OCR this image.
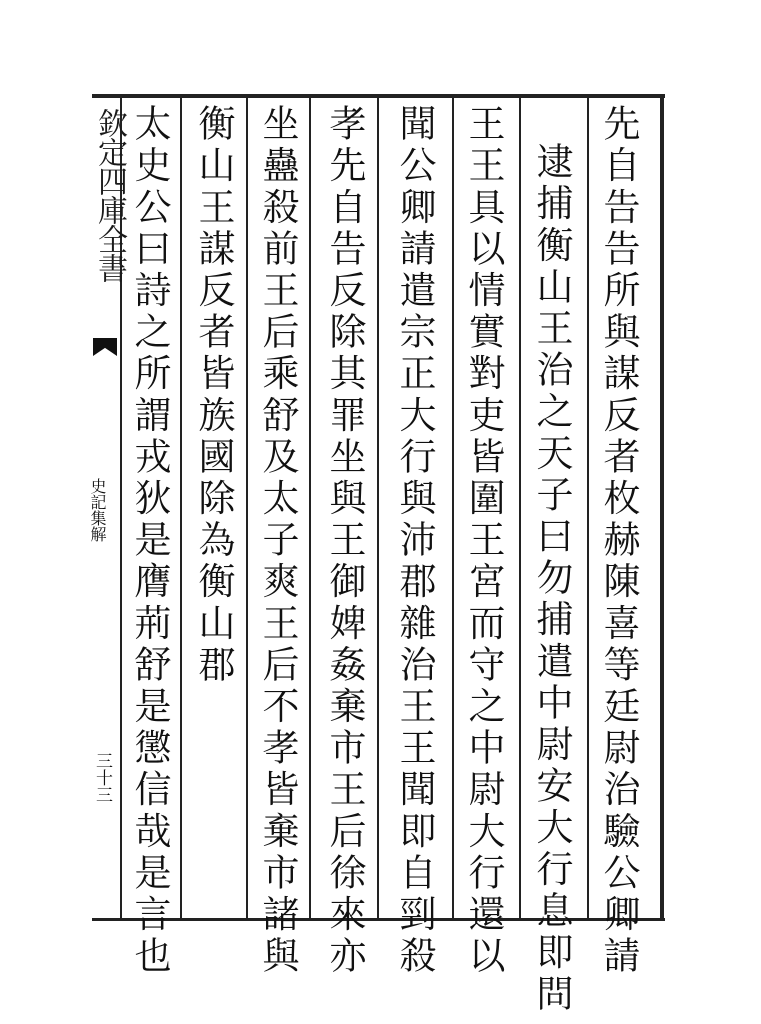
欽定四庫全書
史記集解
三十三	先自告告所與謀反者枚赫陳喜等廷尉治驗公卿請
逮捕衡山王治之天子曰勿捕遣中尉安大行息即問
王王具以情實對吏皆圍王宮而守之中尉大行還以
聞公卿請遣宗正大行與沛郡雜治王王聞即自剄殺
孝先自告反除其罪坐與王御婢姦棄市王后徐來亦
坐蠱殺前王后乘舒及太子爽王后不孝皆棄市諸與
衡山王謀反者皆族國除為衡山郡
太史公曰詩之所謂戎狄是膺荊舒是懲信哉是言也
